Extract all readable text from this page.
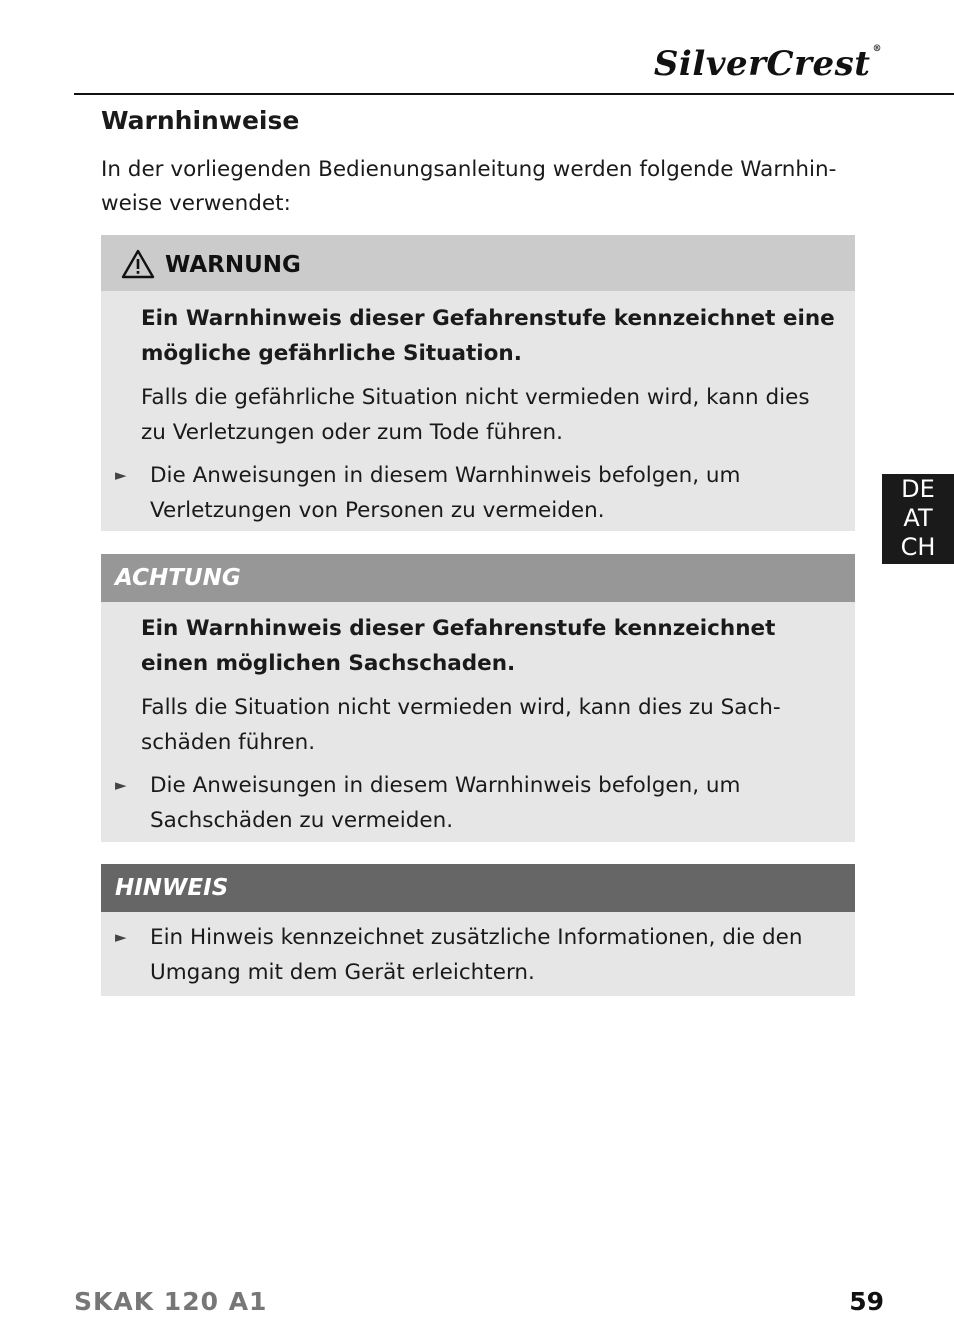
SilverCrest ®
Warnhinweise

In der vorliegenden Bedienungsanleitung werden folgende Warnhin-weise verwendet:

WARNUNG

Ein Warnhinweis dieser Gefahrenstufe kennzeichnet eine mögliche gefährliche Situation.

Falls die gefährliche Situation nicht vermieden wird, kann dies zu Verletzungen oder zum Tode führen.

► Die Anweisungen in diesem Warnhinweis befolgen, um Verletzungen von Personen zu vermeiden.
ACHTUNG

Ein Warnhinweis dieser Gefahrenstufe kennzeichnet einen möglichen Sachschaden.

Falls die Situation nicht vermieden wird, kann dies zu Sach-schäden führen.

► Die Anweisungen in diesem Warnhinweis befolgen, um Sachschäden zu vermeiden.
HINWEIS
► Ein Hinweis kennzeichnet zusätzliche Informationen, die den Umgang mit dem Gerät erleichtern.
DE
AT
CH
SKAK 120 A1	59
